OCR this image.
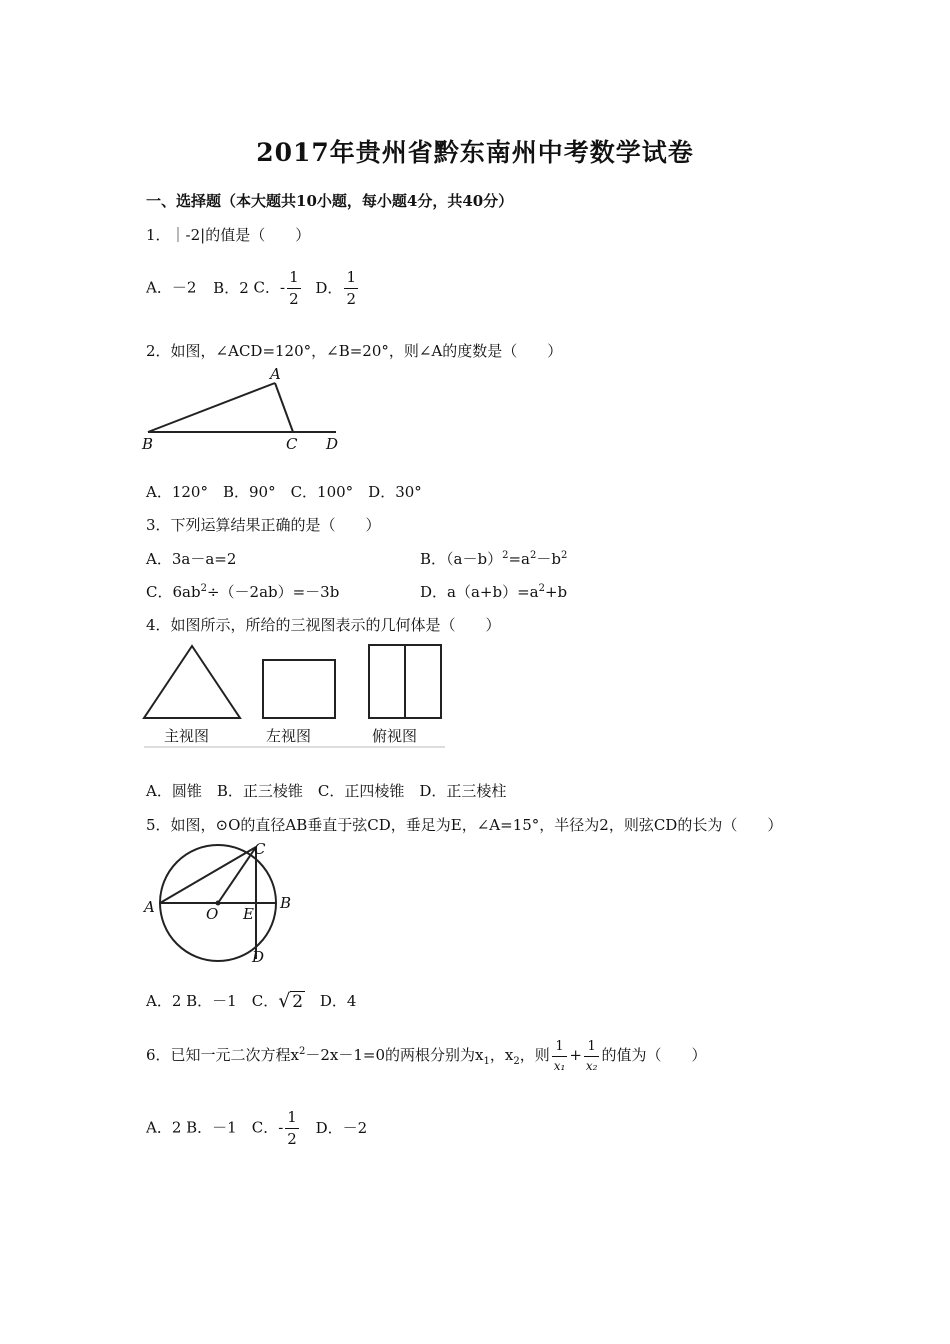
2017年贵州省黔东南州中考数学试卷
一、选择题（本大题共10小题，每小题4分，共40分）
1．｜-2|的值是（　　）
A．－2 B．2 C．- $\frac{1}{2}$ D． $\frac{1}{2}$
2．如图，∠ACD=120°，∠B=20°，则∠A的度数是（　　）
A
B	C D
A．120°　B．90°　C．100°　D．30°
3．下列运算结果正确的是（　　）
A．3a－a=2	B．$(a-b)^2=a^2-b^2$
C．$6ab^2\div(-2ab)=-3b$	D．$a(a+b)=a^2+b$
4．如图所示，所给的三视图表示的几何体是（　　）
主视图	左视图	俯视图
A．圆锥　B．正三棱锥　C．正四棱锥　D．正三棱柱
5．如图，⊙O的直径AB垂直于弦CD，垂足为E，∠A=15°，半径为2，则弦CD的长为（　　）
A	B
C
D
E
O
A．2 B．－1　C． √ 2 D．4
6．已知一元二次方程$x^2-2x-1=0$的两根分别为$x_1$，$x_2$，则 $\frac{1}{\text{x₁}} + \frac{1}{\text{x₂}}$ 的值为（　　）
A．2 B．－1　C．- $\frac{1}{2}$ D．－2
